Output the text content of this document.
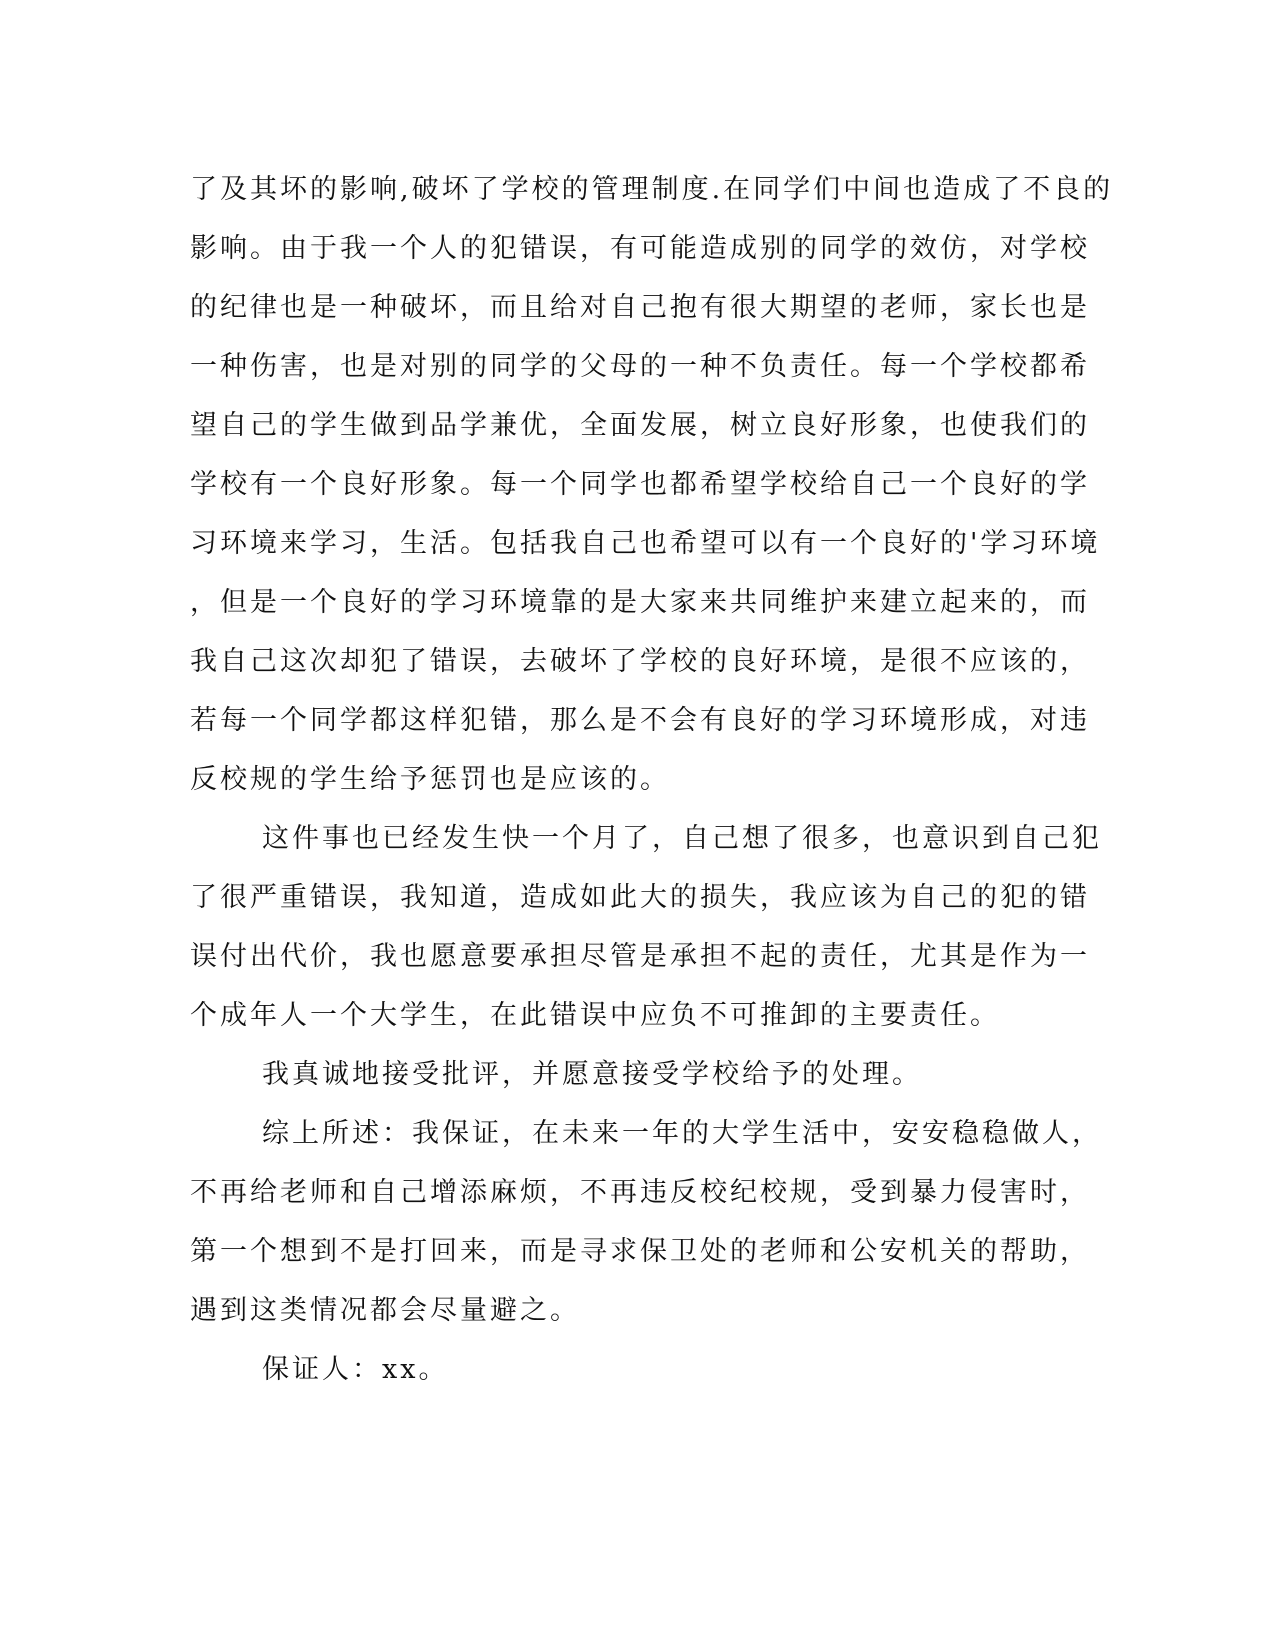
了及其坏的影响,破坏了学校的管理制度.在同学们中间也造成了不良的
影响。由于我一个人的犯错误，有可能造成别的同学的效仿，对学校
的纪律也是一种破坏，而且给对自己抱有很大期望的老师，家长也是
一种伤害，也是对别的同学的父母的一种不负责任。每一个学校都希
望自己的学生做到品学兼优，全面发展，树立良好形象，也使我们的
学校有一个良好形象。每一个同学也都希望学校给自己一个良好的学
习环境来学习，生活。包括我自己也希望可以有一个良好的'学习环境
，但是一个良好的学习环境靠的是大家来共同维护来建立起来的，而
我自己这次却犯了错误，去破坏了学校的良好环境，是很不应该的，
若每一个同学都这样犯错，那么是不会有良好的学习环境形成，对违
反校规的学生给予惩罚也是应该的。
这件事也已经发生快一个月了，自己想了很多，也意识到自己犯
了很严重错误，我知道，造成如此大的损失，我应该为自己的犯的错
误付出代价，我也愿意要承担尽管是承担不起的责任，尤其是作为一
个成年人一个大学生，在此错误中应负不可推卸的主要责任。
我真诚地接受批评，并愿意接受学校给予的处理。
综上所述：我保证，在未来一年的大学生活中，安安稳稳做人，
不再给老师和自己增添麻烦，不再违反校纪校规，受到暴力侵害时，
第一个想到不是打回来，而是寻求保卫处的老师和公安机关的帮助，
遇到这类情况都会尽量避之。
保证人：xx。
